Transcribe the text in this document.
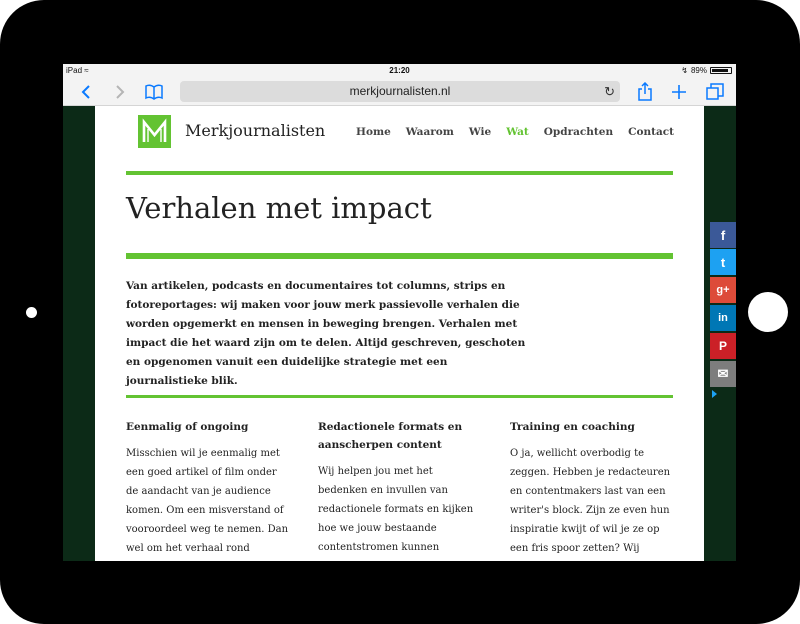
iPad ≈	21:20	↯ 89%
merkjournalisten.nl	↻
Merkjournalisten	Home Waarom Wie Wat Opdrachten Contact
Verhalen met impact
Van artikelen, podcasts en documentaires tot columns, strips en fotoreportages: wij maken voor jouw merk passievolle verhalen die worden opgemerkt en mensen in beweging brengen. Verhalen met impact die het waard zijn om te delen. Altijd geschreven, geschoten en opgenomen vanuit een duidelijke strategie met een journalistieke blik.
Eenmalig of ongoing

Misschien wil je eenmalig met een goed artikel of film onder de aandacht van je audience komen. Om een misverstand of vooroordeel weg te nemen. Dan wel om het verhaal rond

Redactionele formats en aanscherpen content

Wij helpen jou met het bedenken en invullen van redactionele formats en kijken hoe we jouw bestaande contentstromen kunnen

Training en coaching

O ja, wellicht overbodig te zeggen. Hebben je redacteuren en contentmakers last van een writer's block. Zijn ze even hun inspiratie kwijt of wil je ze op een fris spoor zetten? Wij

f
t
g+
in
P
✉
